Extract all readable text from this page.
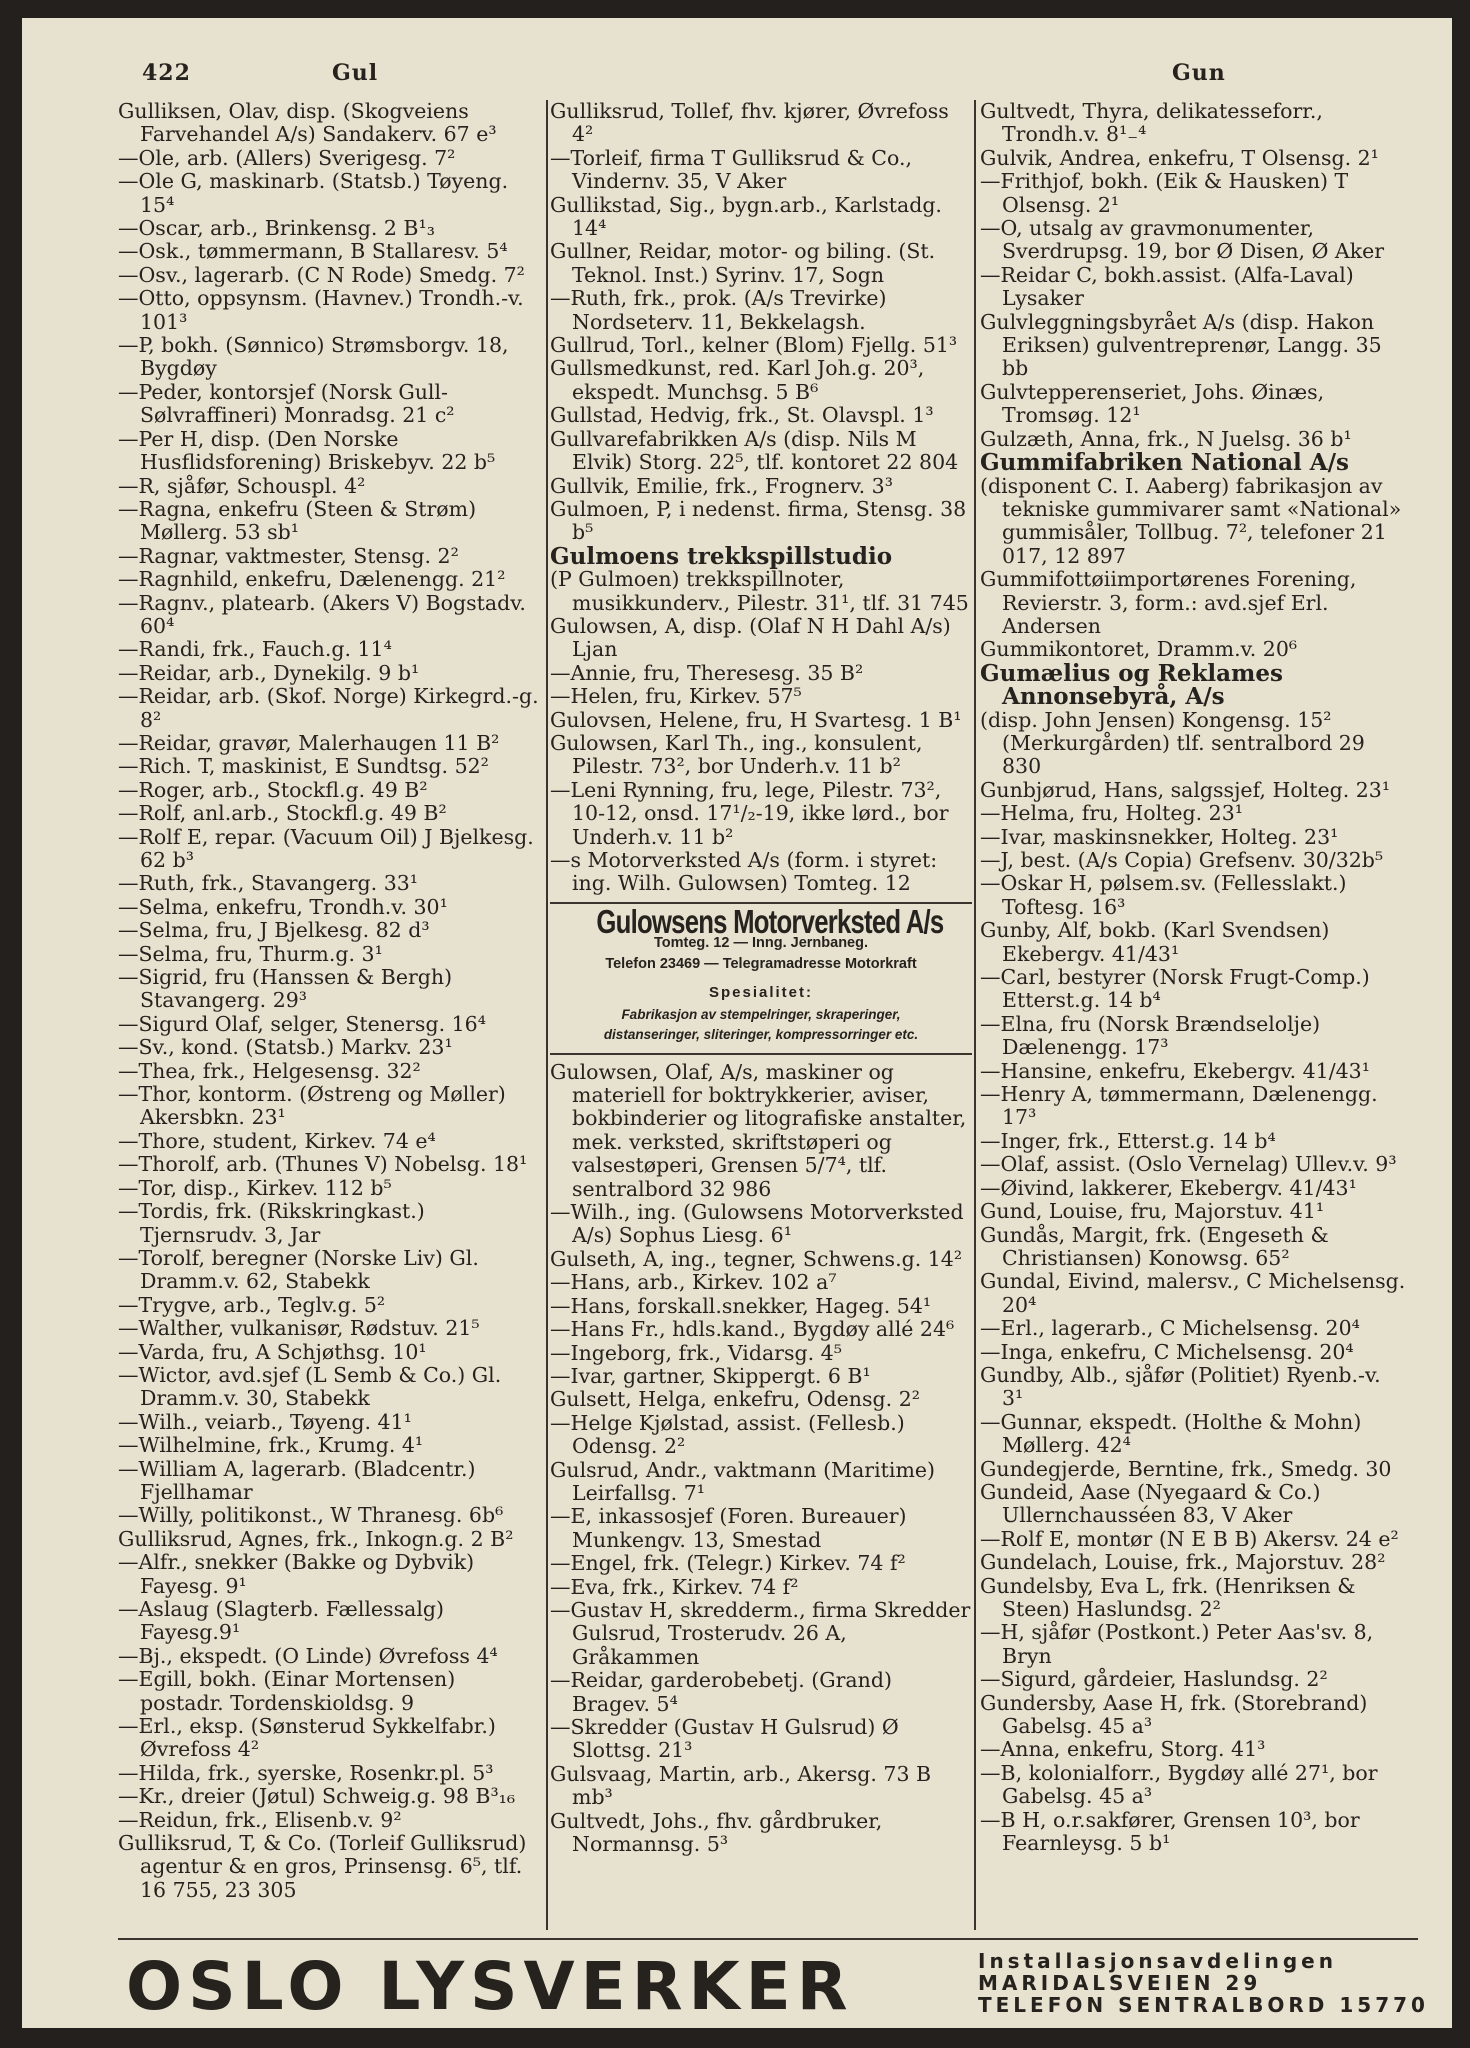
422	Gul	Gun

Gulliksen, Olav, disp. (Skogveiens Farvehandel A/s) Sandakerv. 67 e³

—Ole, arb. (Allers) Sverigesg. 7²

—Ole G, maskinarb. (Statsb.) Tøyeng. 15⁴

—Oscar, arb., Brinkensg. 2 B¹₃

—Osk., tømmermann, B Stallaresv. 5⁴

—Osv., lagerarb. (C N Rode) Smedg. 7²

—Otto, oppsynsm. (Havnev.) Trondh.-v. 101³

—P, bokh. (Sønnico) Strømsborgv. 18, Bygdøy

—Peder, kontorsjef (Norsk Gull-Sølvraffineri) Monradsg. 21 c²

—Per H, disp. (Den Norske Husflidsforening) Briskebyv. 22 b⁵

—R, sjåfør, Schouspl. 4²

—Ragna, enkefru (Steen & Strøm) Møllerg. 53 sb¹

—Ragnar, vaktmester, Stensg. 2²

—Ragnhild, enkefru, Dælenengg. 21²

—Ragnv., platearb. (Akers V) Bogstadv. 60⁴

—Randi, frk., Fauch.g. 11⁴

—Reidar, arb., Dynekilg. 9 b¹

—Reidar, arb. (Skof. Norge) Kirkegrd.-g. 8²

—Reidar, gravør, Malerhaugen 11 B²

—Rich. T, maskinist, E Sundtsg. 52²

—Roger, arb., Stockfl.g. 49 B²

—Rolf, anl.arb., Stockfl.g. 49 B²

—Rolf E, repar. (Vacuum Oil) J Bjelkesg. 62 b³

—Ruth, frk., Stavangerg. 33¹

—Selma, enkefru, Trondh.v. 30¹

—Selma, fru, J Bjelkesg. 82 d³

—Selma, fru, Thurm.g. 3¹

—Sigrid, fru (Hanssen & Bergh) Stavangerg. 29³

—Sigurd Olaf, selger, Stenersg. 16⁴

—Sv., kond. (Statsb.) Markv. 23¹

—Thea, frk., Helgesensg. 32²

—Thor, kontorm. (Østreng og Møller) Akersbkn. 23¹

—Thore, student, Kirkev. 74 e⁴

—Thorolf, arb. (Thunes V) Nobelsg. 18¹

—Tor, disp., Kirkev. 112 b⁵

—Tordis, frk. (Rikskringkast.) Tjernsrudv. 3, Jar

—Torolf, beregner (Norske Liv) Gl. Dramm.v. 62, Stabekk

—Trygve, arb., Teglv.g. 5²

—Walther, vulkanisør, Rødstuv. 21⁵

—Varda, fru, A Schjøthsg. 10¹

—Wictor, avd.sjef (L Semb & Co.) Gl. Dramm.v. 30, Stabekk

—Wilh., veiarb., Tøyeng. 41¹

—Wilhelmine, frk., Krumg. 4¹

—William A, lagerarb. (Bladcentr.) Fjellhamar

—Willy, politikonst., W Thranesg. 6b⁶

Gulliksrud, Agnes, frk., Inkogn.g. 2 B²

—Alfr., snekker (Bakke og Dybvik) Fayesg. 9¹

—Aslaug (Slagterb. Fællessalg) Fayesg.9¹

—Bj., ekspedt. (O Linde) Øvrefoss 4⁴

—Egill, bokh. (Einar Mortensen) postadr. Tordenskioldsg. 9

—Erl., eksp. (Sønsterud Sykkelfabr.) Øvrefoss 4²

—Hilda, frk., syerske, Rosenkr.pl. 5³

—Kr., dreier (Jøtul) Schweig.g. 98 B³₁₆

—Reidun, frk., Elisenb.v. 9²

Gulliksrud, T, & Co. (Torleif Gulliksrud) agentur & en gros, Prinsensg. 6⁵, tlf. 16 755, 23 305

Gulliksrud, Tollef, fhv. kjører, Øvrefoss 4²

—Torleif, firma T Gulliksrud & Co., Vindernv. 35, V Aker

Gullikstad, Sig., bygn.arb., Karlstadg. 14⁴

Gullner, Reidar, motor- og biling. (St. Teknol. Inst.) Syrinv. 17, Sogn

—Ruth, frk., prok. (A/s Trevirke) Nordseterv. 11, Bekkelagsh.

Gullrud, Torl., kelner (Blom) Fjellg. 51³

Gullsmedkunst, red. Karl Joh.g. 20³, ekspedt. Munchsg. 5 B⁶

Gullstad, Hedvig, frk., St. Olavspl. 1³

Gullvarefabrikken A/s (disp. Nils M Elvik) Storg. 22⁵, tlf. kontoret 22 804

Gullvik, Emilie, frk., Frognerv. 3³

Gulmoen, P, i nedenst. firma, Stensg. 38 b⁵

Gulmoens trekkspillstudio

(P Gulmoen) trekkspillnoter, musikkunderv., Pilestr. 31¹, tlf. 31 745

Gulowsen, A, disp. (Olaf N H Dahl A/s) Ljan

—Annie, fru, Theresesg. 35 B²

—Helen, fru, Kirkev. 57⁵

Gulovsen, Helene, fru, H Svartesg. 1 B¹

Gulowsen, Karl Th., ing., konsulent, Pilestr. 73², bor Underh.v. 11 b²

—Leni Rynning, fru, lege, Pilestr. 73², 10-12, onsd. 17¹/₂-19, ikke lørd., bor Underh.v. 11 b²

—s Motorverksted A/s (form. i styret: ing. Wilh. Gulowsen) Tomteg. 12

Gulowsens Motorverksted A/s
Tomteg. 12 — Inng. Jernbaneg.
Telefon 23469 — Telegramadresse Motorkraft
Spesialitet:
Fabrikasjon av stempelringer, skraperinger,
distanseringer, sliteringer, kompressorringer etc.

Gulowsen, Olaf, A/s, maskiner og materiell for boktrykkerier, aviser, bokbinderier og litografiske anstalter, mek. verksted, skriftstøperi og valsestøperi, Grensen 5/7⁴, tlf. sentralbord 32 986

—Wilh., ing. (Gulowsens Motorverksted A/s) Sophus Liesg. 6¹

Gulseth, A, ing., tegner, Schwens.g. 14²

—Hans, arb., Kirkev. 102 a⁷

—Hans, forskall.snekker, Hageg. 54¹

—Hans Fr., hdls.kand., Bygdøy allé 24⁶

—Ingeborg, frk., Vidarsg. 4⁵

—Ivar, gartner, Skippergt. 6 B¹

Gulsett, Helga, enkefru, Odensg. 2²

—Helge Kjølstad, assist. (Fellesb.) Odensg. 2²

Gulsrud, Andr., vaktmann (Maritime) Leirfallsg. 7¹

—E, inkassosjef (Foren. Bureauer) Munkengv. 13, Smestad

—Engel, frk. (Telegr.) Kirkev. 74 f²

—Eva, frk., Kirkev. 74 f²

—Gustav H, skredderm., firma Skredder Gulsrud, Trosterudv. 26 A, Gråkammen

—Reidar, garderobebetj. (Grand) Bragev. 5⁴

—Skredder (Gustav H Gulsrud) Ø Slottsg. 21³

Gulsvaag, Martin, arb., Akersg. 73 B mb³

Gultvedt, Johs., fhv. gårdbruker, Normannsg. 5³

Gultvedt, Thyra, delikatesseforr., Trondh.v. 8¹₋⁴

Gulvik, Andrea, enkefru, T Olsensg. 2¹

—Frithjof, bokh. (Eik & Hausken) T Olsensg. 2¹

—O, utsalg av gravmonumenter, Sverdrupsg. 19, bor Ø Disen, Ø Aker

—Reidar C, bokh.assist. (Alfa-Laval) Lysaker

Gulvleggningsbyrået A/s (disp. Hakon Eriksen) gulventreprenør, Langg. 35 bb

Gulvtepperenseriet, Johs. Øinæs, Tromsøg. 12¹

Gulzæth, Anna, frk., N Juelsg. 36 b¹

Gummifabriken National A/s

(disponent C. I. Aaberg) fabrikasjon av tekniske gummivarer samt «National» gummisåler, Tollbug. 7², telefoner 21 017, 12 897

Gummifottøiimportørenes Forening, Revierstr. 3, form.: avd.sjef Erl. Andersen

Gummikontoret, Dramm.v. 20⁶

Gumælius og Reklames Annonsebyrå, A/s

(disp. John Jensen) Kongensg. 15² (Merkurgården) tlf. sentralbord 29 830

Gunbjørud, Hans, salgssjef, Holteg. 23¹

—Helma, fru, Holteg. 23¹

—Ivar, maskinsnekker, Holteg. 23¹

—J, best. (A/s Copia) Grefsenv. 30/32b⁵

—Oskar H, pølsem.sv. (Fellesslakt.) Toftesg. 16³

Gunby, Alf, bokb. (Karl Svendsen) Ekebergv. 41/43¹

—Carl, bestyrer (Norsk Frugt-Comp.) Etterst.g. 14 b⁴

—Elna, fru (Norsk Brændselolje) Dælenengg. 17³

—Hansine, enkefru, Ekebergv. 41/43¹

—Henry A, tømmermann, Dælenengg. 17³

—Inger, frk., Etterst.g. 14 b⁴

—Olaf, assist. (Oslo Vernelag) Ullev.v. 9³

—Øivind, lakkerer, Ekebergv. 41/43¹

Gund, Louise, fru, Majorstuv. 41¹

Gundås, Margit, frk. (Engeseth & Christiansen) Konowsg. 65²

Gundal, Eivind, malersv., C Michelsensg. 20⁴

—Erl., lagerarb., C Michelsensg. 20⁴

—Inga, enkefru, C Michelsensg. 20⁴

Gundby, Alb., sjåfør (Politiet) Ryenb.-v. 3¹

—Gunnar, ekspedt. (Holthe & Mohn) Møllerg. 42⁴

Gundegjerde, Berntine, frk., Smedg. 30

Gundeid, Aase (Nyegaard & Co.) Ullernchausséen 83, V Aker

—Rolf E, montør (N E B B) Akersv. 24 e²

Gundelach, Louise, frk., Majorstuv. 28²

Gundelsby, Eva L, frk. (Henriksen & Steen) Haslundsg. 2²

—H, sjåfør (Postkont.) Peter Aas'sv. 8, Bryn

—Sigurd, gårdeier, Haslundsg. 2²

Gundersby, Aase H, frk. (Storebrand) Gabelsg. 45 a³

—Anna, enkefru, Storg. 41³

—B, kolonialforr., Bygdøy allé 27¹, bor Gabelsg. 45 a³

—B H, o.r.sakfører, Grensen 10³, bor Fearnleysg. 5 b¹

OSLO LYSVERKER	Installasjonsavdelingen
MARIDALSVEIEN 29
TELEFON SENTRALBORD 15770
